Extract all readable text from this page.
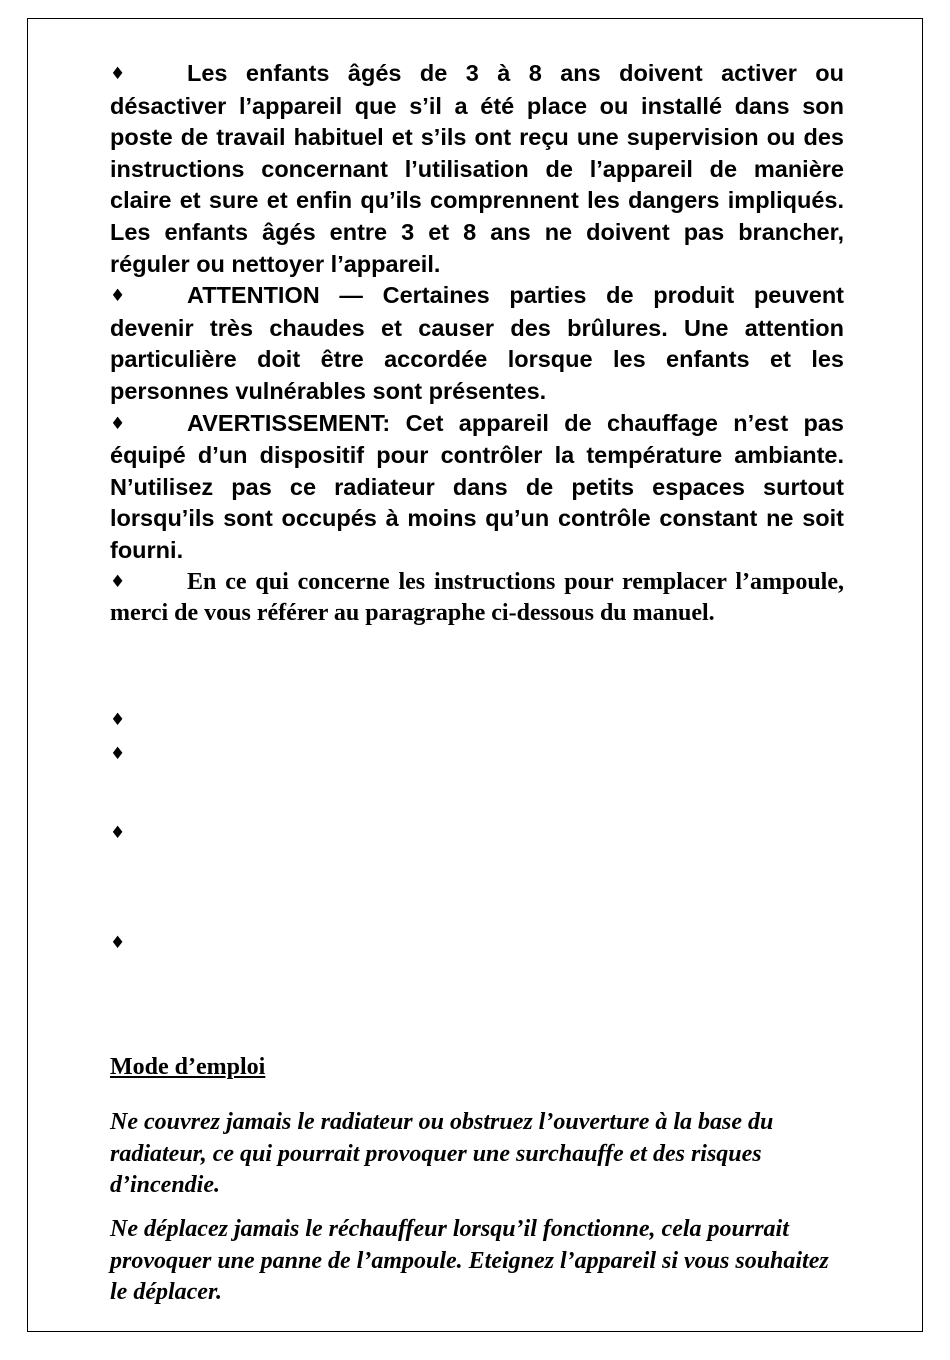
♦	Les enfants âgés de 3 à 8 ans doivent activer ou désactiver l’appareil que s’il a été place ou installé dans son poste de travail habituel et s’ils ont reçu une supervision ou des instructions concernant l’utilisation de l’appareil de manière claire et sure et enfin qu’ils comprennent les dangers impliqués. Les enfants âgés entre 3 et 8 ans ne doivent pas brancher, réguler ou nettoyer l’appareil.

♦	ATTENTION — Certaines parties de produit peuvent devenir très chaudes et causer des brûlures. Une attention particulière doit être accordée lorsque les enfants et les personnes vulnérables sont présentes.

♦	AVERTISSEMENT: Cet appareil de chauffage n’est pas équipé d’un dispositif pour contrôler la température ambiante. N’utilisez pas ce radiateur dans de petits espaces surtout lorsqu’ils sont occupés à moins qu’un contrôle constant ne soit fourni.

♦	En ce qui concerne les instructions pour remplacer l’ampoule, merci de vous référer au paragraphe ci-dessous du manuel.

♦
♦
♦
♦
Mode d’emploi

Ne couvrez jamais le radiateur ou obstruez l’ouverture à la base du radiateur, ce qui pourrait provoquer une surchauffe et des risques d’incendie.

Ne déplacez jamais le réchauffeur lorsqu’il fonctionne, cela pourrait provoquer une panne de l’ampoule. Eteignez l’appareil si vous souhaitez le déplacer.
